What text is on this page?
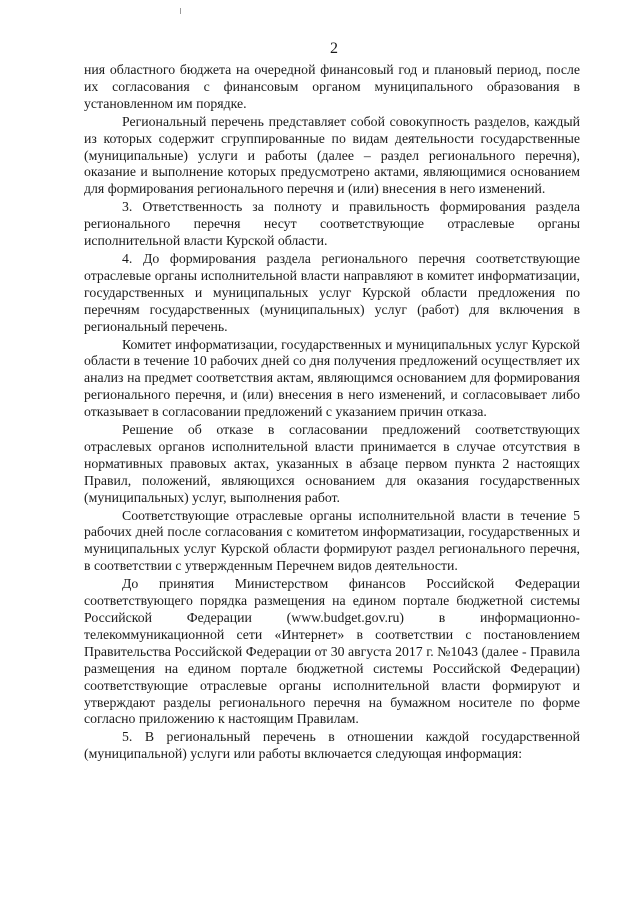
2

ния областного бюджета на очередной финансовый год и плановый период, после их согласования с финансовым органом муниципального образования в установленном им порядке.

Региональный перечень представляет собой совокупность разделов, каждый из которых содержит сгруппированные по видам деятельности государственные (муниципальные) услуги и работы (далее – раздел регионального перечня), оказание и выполнение которых предусмотрено актами, являющимися основанием для формирования регионального перечня и (или) внесения в него изменений.

3. Ответственность за полноту и правильность формирования раздела регионального перечня несут соответствующие отраслевые органы исполнительной власти Курской области.

4. До формирования раздела регионального перечня соответствующие отраслевые органы исполнительной власти направляют в комитет информатизации, государственных и муниципальных услуг Курской области предложения по перечням государственных (муниципальных) услуг (работ) для включения в региональный перечень.

Комитет информатизации, государственных и муниципальных услуг Курской области в течение 10 рабочих дней со дня получения предложений осуществляет их анализ на предмет соответствия актам, являющимся основанием для формирования регионального перечня, и (или) внесения в него изменений, и согласовывает либо отказывает в согласовании предложений с указанием причин отказа.

Решение об отказе в согласовании предложений соответствующих отраслевых органов исполнительной власти принимается в случае отсутствия в нормативных правовых актах, указанных в абзаце первом пункта 2 настоящих Правил, положений, являющихся основанием для оказания государственных (муниципальных) услуг, выполнения работ.

Соответствующие отраслевые органы исполнительной власти в течение 5 рабочих дней после согласования с комитетом информатизации, государственных и муниципальных услуг Курской области формируют раздел регионального перечня, в соответствии с утвержденным Перечнем видов деятельности.

До принятия Министерством финансов Российской Федерации соответствующего порядка размещения на едином портале бюджетной системы Российской Федерации (www.budget.gov.ru) в информационно-телекоммуникационной сети «Интернет» в соответствии с постановлением Правительства Российской Федерации от 30 августа 2017 г. №1043 (далее - Правила размещения на едином портале бюджетной системы Российской Федерации) соответствующие отраслевые органы исполнительной власти формируют и утверждают разделы регионального перечня на бумажном носителе по форме согласно приложению к настоящим Правилам.

5. В региональный перечень в отношении каждой государственной (муниципальной) услуги или работы включается следующая информация:
